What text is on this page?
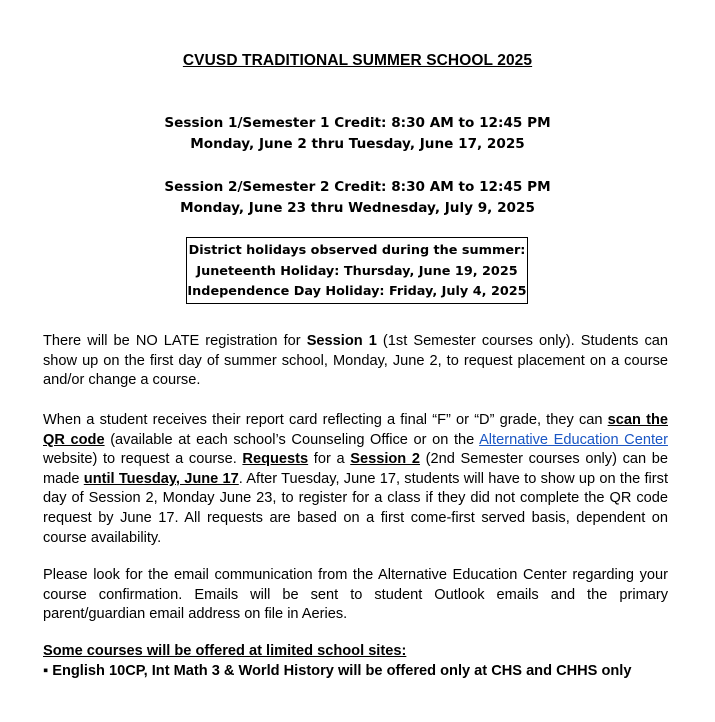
CVUSD TRADITIONAL SUMMER SCHOOL 2025
Session 1/Semester 1 Credit: 8:30 AM to 12:45 PM
Monday, June 2 thru Tuesday, June 17, 2025
Session 2/Semester 2 Credit: 8:30 AM to 12:45 PM
Monday, June 23 thru Wednesday, July 9, 2025
District holidays observed during the summer:
Juneteenth Holiday: Thursday, June 19, 2025
Independence Day Holiday: Friday, July 4, 2025
There will be NO LATE registration for Session 1 (1st Semester courses only). Students can
show up on the first day of summer school, Monday, June 2, to request placement on a course
and/or change a course.
When a student receives their report card reflecting a final “F” or “D” grade, they can scan the
QR code (available at each school’s Counseling Office or on the Alternative Education Center
website) to request a course. Requests for a Session 2 (2nd Semester courses only) can be
made until Tuesday, June 17. After Tuesday, June 17, students will have to show up on the first
day of Session 2, Monday June 23, to register for a class if they did not complete the QR code
request by June 17. All requests are based on a first come-first served basis, dependent on
course availability.
Please look for the email communication from the Alternative Education Center regarding your
course confirmation. Emails will be sent to student Outlook emails and the primary
parent/guardian email address on file in Aeries.
Some courses will be offered at limited school sites:
▪ English 10CP, Int Math 3 & World History will be offered only at CHS and CHHS only
